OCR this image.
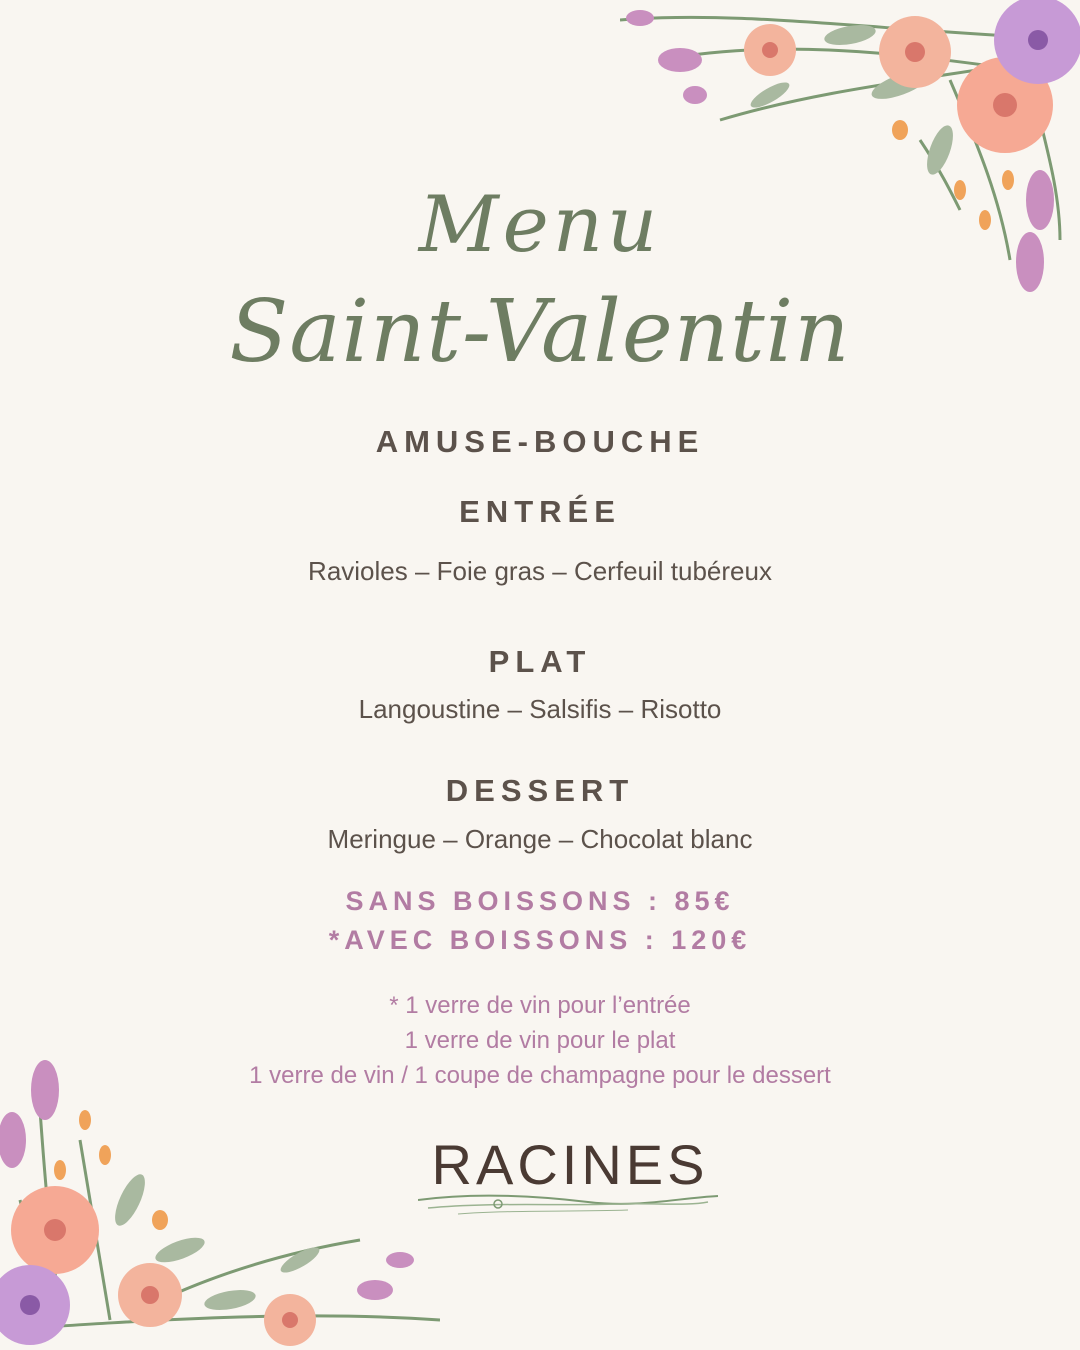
Menu
Saint-Valentin
AMUSE-BOUCHE
ENTRÉE
Ravioles – Foie gras – Cerfeuil tubéreux
PLAT
Langoustine – Salsifis – Risotto
DESSERT
Meringue – Orange – Chocolat blanc
SANS BOISSONS : 85€
*AVEC BOISSONS : 120€
* 1 verre de vin pour l’entrée
1 verre de vin pour le plat
1 verre de vin / 1 coupe de champagne pour le dessert
RACINES
